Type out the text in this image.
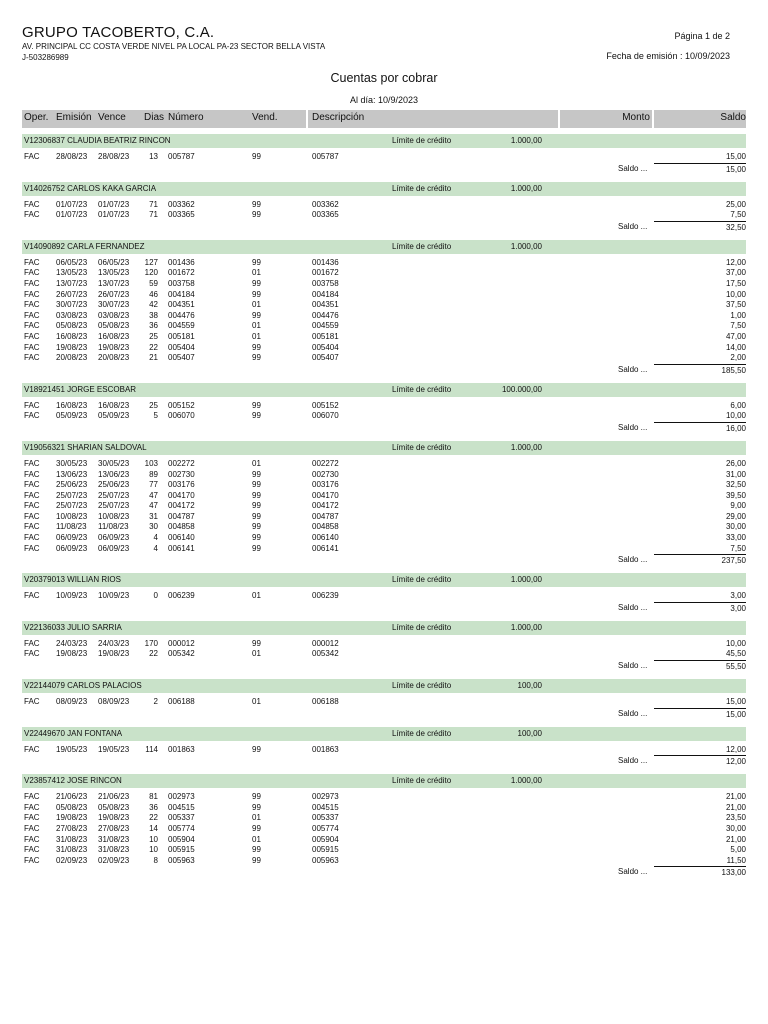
GRUPO TACOBERTO, C.A.
AV. PRINCIPAL CC COSTA VERDE NIVEL PA LOCAL PA-23 SECTOR BELLA VISTA
J-503286989
Página 1 de 2
Fecha de emisión : 10/09/2023
Cuentas por cobrar
Al día: 10/9/2023
Oper. Emisión Vence Dias Número	Vend.	Descripción	Monto	Saldo
V12306837 CLAUDIA BEATRIZ RINCON	Límite de crédito	1.000,00
FAC 28/08/23 28/08/23	13 005787	99	005787	15,00
Saldo ...	15,00
V14026752 CARLOS KAKA GARCIA	Límite de crédito	1.000,00
FAC 01/07/23 01/07/23	71 003362	99	003362	25,00
FAC 01/07/23 01/07/23	71 003365	99	003365	7,50
Saldo ...	32,50
V14090892 CARLA FERNANDEZ	Límite de crédito	1.000,00
FAC 06/05/23 06/05/23	127 001436	99	001436	12,00
FAC 13/05/23 13/05/23	120 001672	01	001672	37,00
FAC 13/07/23 13/07/23	59 003758	99	003758	17,50
FAC 26/07/23 26/07/23	46 004184	99	004184	10,00
FAC 30/07/23 30/07/23	42 004351	01	004351	37,50
FAC 03/08/23 03/08/23	38 004476	99	004476	1,00
FAC 05/08/23 05/08/23	36 004559	01	004559	7,50
FAC 16/08/23 16/08/23	25 005181	01	005181	47,00
FAC 19/08/23 19/08/23	22 005404	99	005404	14,00
FAC 20/08/23 20/08/23	21 005407	99	005407	2,00
Saldo ...	185,50
V18921451 JORGE ESCOBAR	Límite de crédito	100.000,00
FAC 16/08/23 16/08/23	25 005152	99	005152	6,00
FAC 05/09/23 05/09/23	5 006070	99	006070	10,00
Saldo ...	16,00
V19056321 SHARIAN SALDOVAL	Límite de crédito	1.000,00
FAC 30/05/23 30/05/23	103 002272	01	002272	26,00
FAC 13/06/23 13/06/23	89 002730	99	002730	31,00
FAC 25/06/23 25/06/23	77 003176	99	003176	32,50
FAC 25/07/23 25/07/23	47 004170	99	004170	39,50
FAC 25/07/23 25/07/23	47 004172	99	004172	9,00
FAC 10/08/23 10/08/23	31 004787	99	004787	29,00
FAC 11/08/23 11/08/23	30 004858	99	004858	30,00
FAC 06/09/23 06/09/23	4 006140	99	006140	33,00
FAC 06/09/23 06/09/23	4 006141	99	006141	7,50
Saldo ...	237,50
V20379013 WILLIAN RIOS	Límite de crédito	1.000,00
FAC 10/09/23 10/09/23	0 006239	01	006239	3,00
Saldo ...	3,00
V22136033 JULIO SARRIA	Límite de crédito	1.000,00
FAC 24/03/23 24/03/23	170 000012	99	000012	10,00
FAC 19/08/23 19/08/23	22 005342	01	005342	45,50
Saldo ...	55,50
V22144079 CARLOS PALACIOS	Límite de crédito	100,00
FAC 08/09/23 08/09/23	2 006188	01	006188	15,00
Saldo ...	15,00
V22449670 JAN FONTANA	Límite de crédito	100,00
FAC 19/05/23 19/05/23	114 001863	99	001863	12,00
Saldo ...	12,00
V23857412 JOSE RINCON	Límite de crédito	1.000,00
FAC 21/06/23 21/06/23	81 002973	99	002973	21,00
FAC 05/08/23 05/08/23	36 004515	99	004515	21,00
FAC 19/08/23 19/08/23	22 005337	01	005337	23,50
FAC 27/08/23 27/08/23	14 005774	99	005774	30,00
FAC 31/08/23 31/08/23	10 005904	01	005904	21,00
FAC 31/08/23 31/08/23	10 005915	99	005915	5,00
FAC 02/09/23 02/09/23	8 005963	99	005963	11,50
Saldo ...	133,00
